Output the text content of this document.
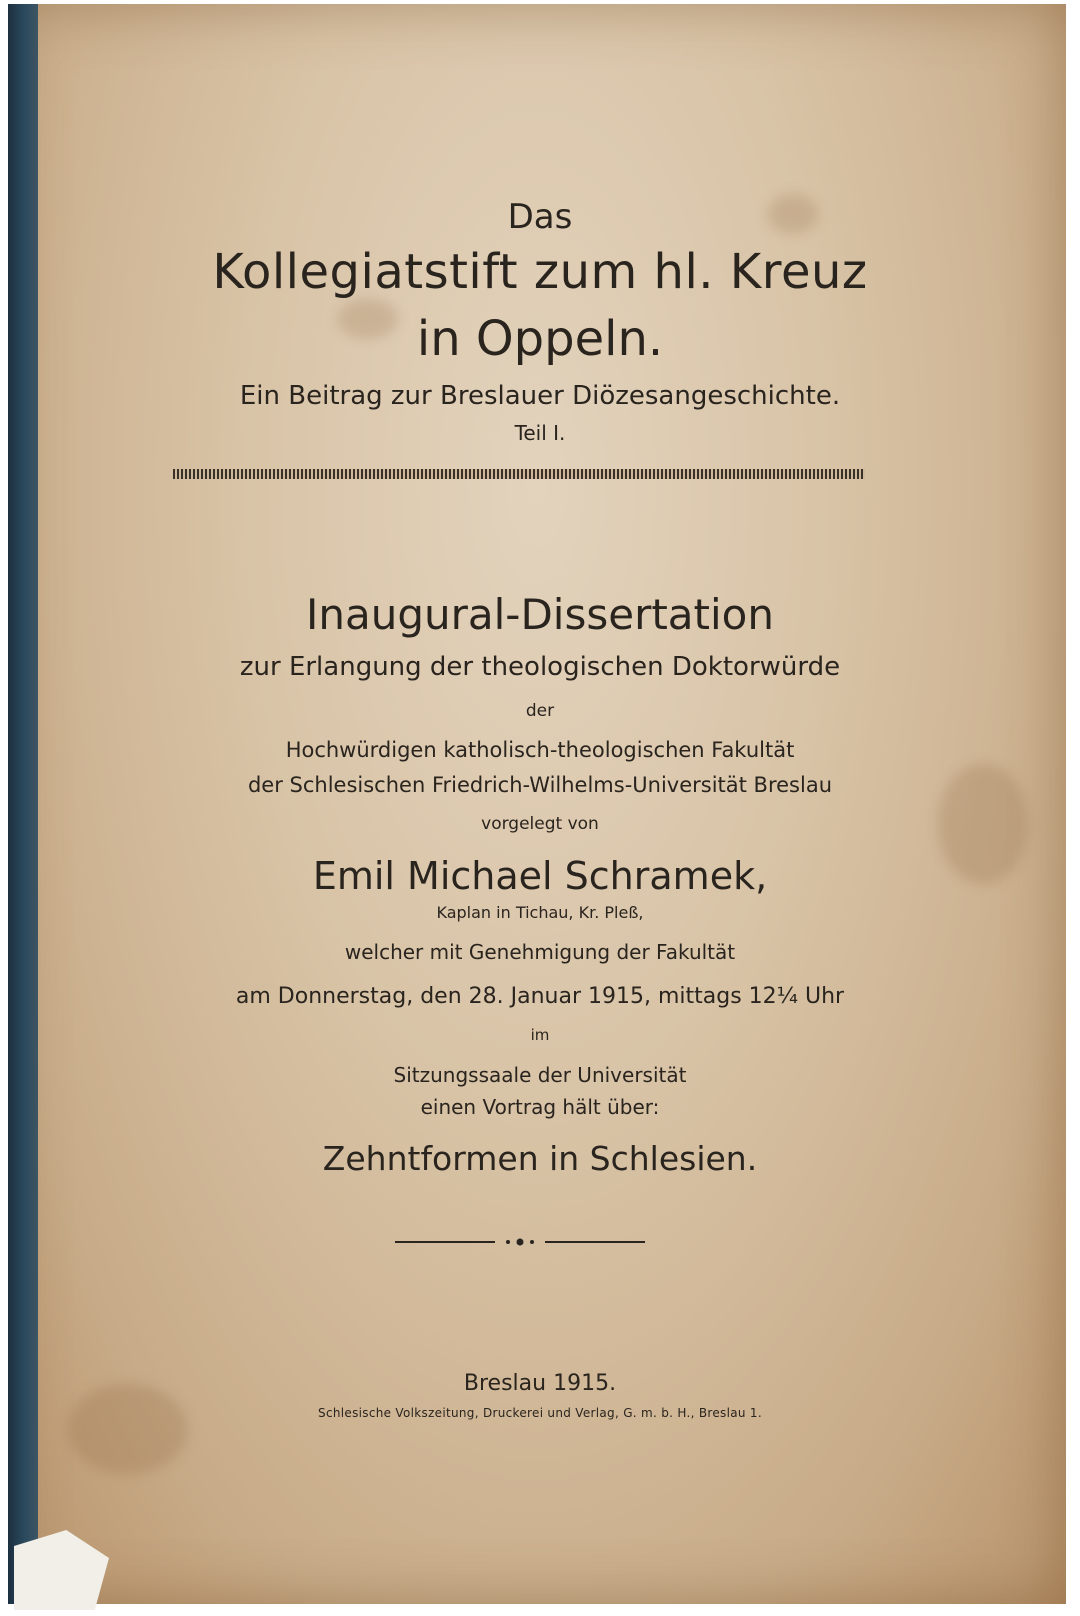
Das
Kollegiatstift zum hl. Kreuz
in Oppeln.
Ein Beitrag zur Breslauer Diözesangeschichte.
Teil I.
Inaugural-Dissertation
zur Erlangung der theologischen Doktorwürde
der
Hochwürdigen katholisch-theologischen Fakultät
der Schlesischen Friedrich-Wilhelms-Universität Breslau
vorgelegt von
Emil Michael Schramek,
Kaplan in Tichau, Kr. Pleß,
welcher mit Genehmigung der Fakultät
am Donnerstag, den 28. Januar 1915, mittags 12¼ Uhr
im
Sitzungssaale der Universität
einen Vortrag hält über:
Zehntformen in Schlesien.
Breslau 1915.
Schlesische Volkszeitung, Druckerei und Verlag, G. m. b. H., Breslau 1.
